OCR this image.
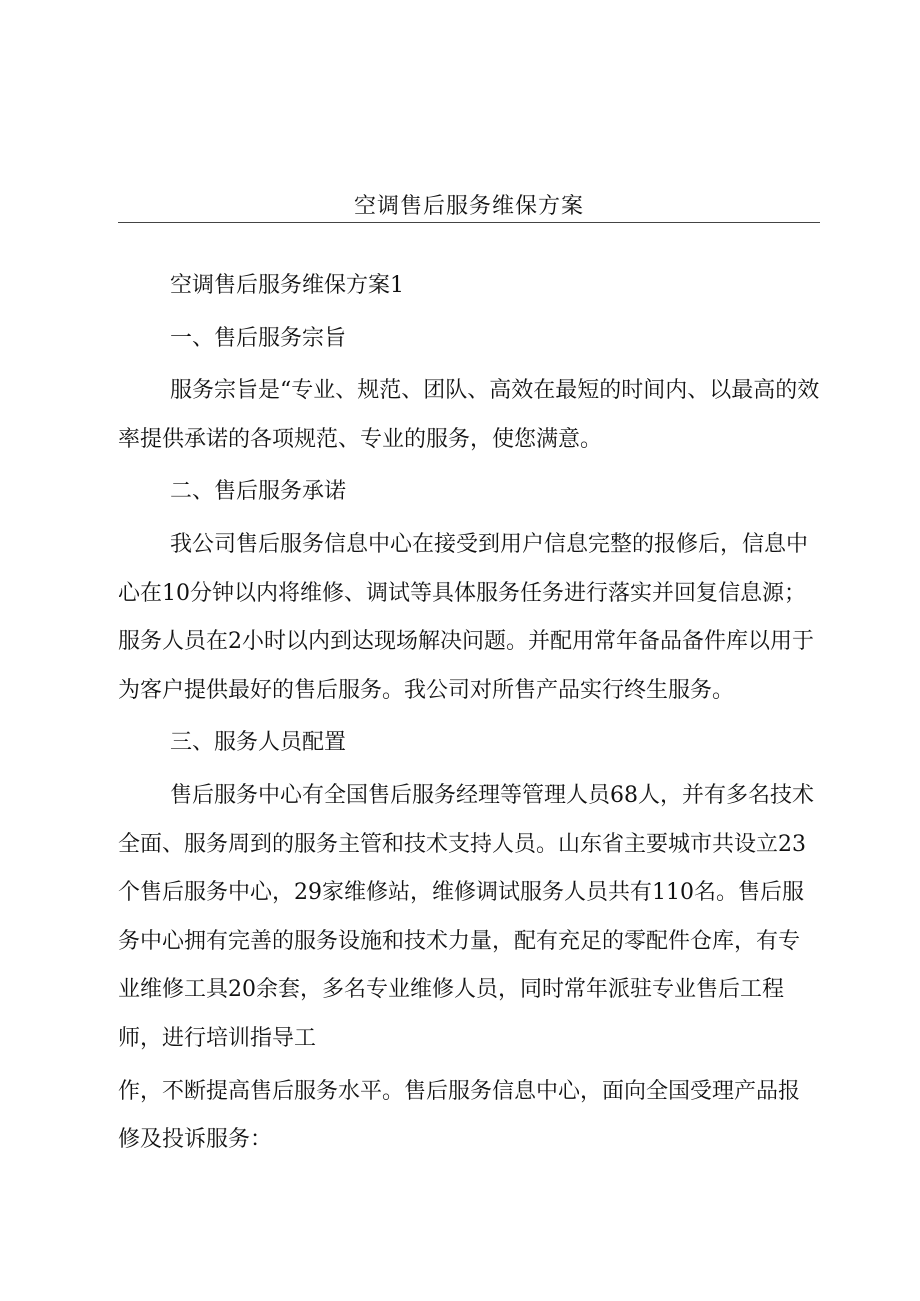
空调售后服务维保方案

空调售后服务维保方案1

一、售后服务宗旨

服务宗旨是“专业、规范、团队、高效在最短的时间内、以最高的效率提供承诺的各项规范、专业的服务，使您满意。

二、售后服务承诺

我公司售后服务信息中心在接受到用户信息完整的报修后，信息中心在10分钟以内将维修、调试等具体服务任务进行落实并回复信息源；服务人员在2小时以内到达现场解决问题。并配用常年备品备件库以用于为客户提供最好的售后服务。我公司对所售产品实行终生服务。

三、服务人员配置

售后服务中心有全国售后服务经理等管理人员68人，并有多名技术全面、服务周到的服务主管和技术支持人员。山东省主要城市共设立23个售后服务中心，29家维修站，维修调试服务人员共有110名。售后服务中心拥有完善的服务设施和技术力量，配有充足的零配件仓库，有专业维修工具20余套，多名专业维修人员，同时常年派驻专业售后工程师，进行培训指导工

作，不断提高售后服务水平。售后服务信息中心，面向全国受理产品报修及投诉服务：
